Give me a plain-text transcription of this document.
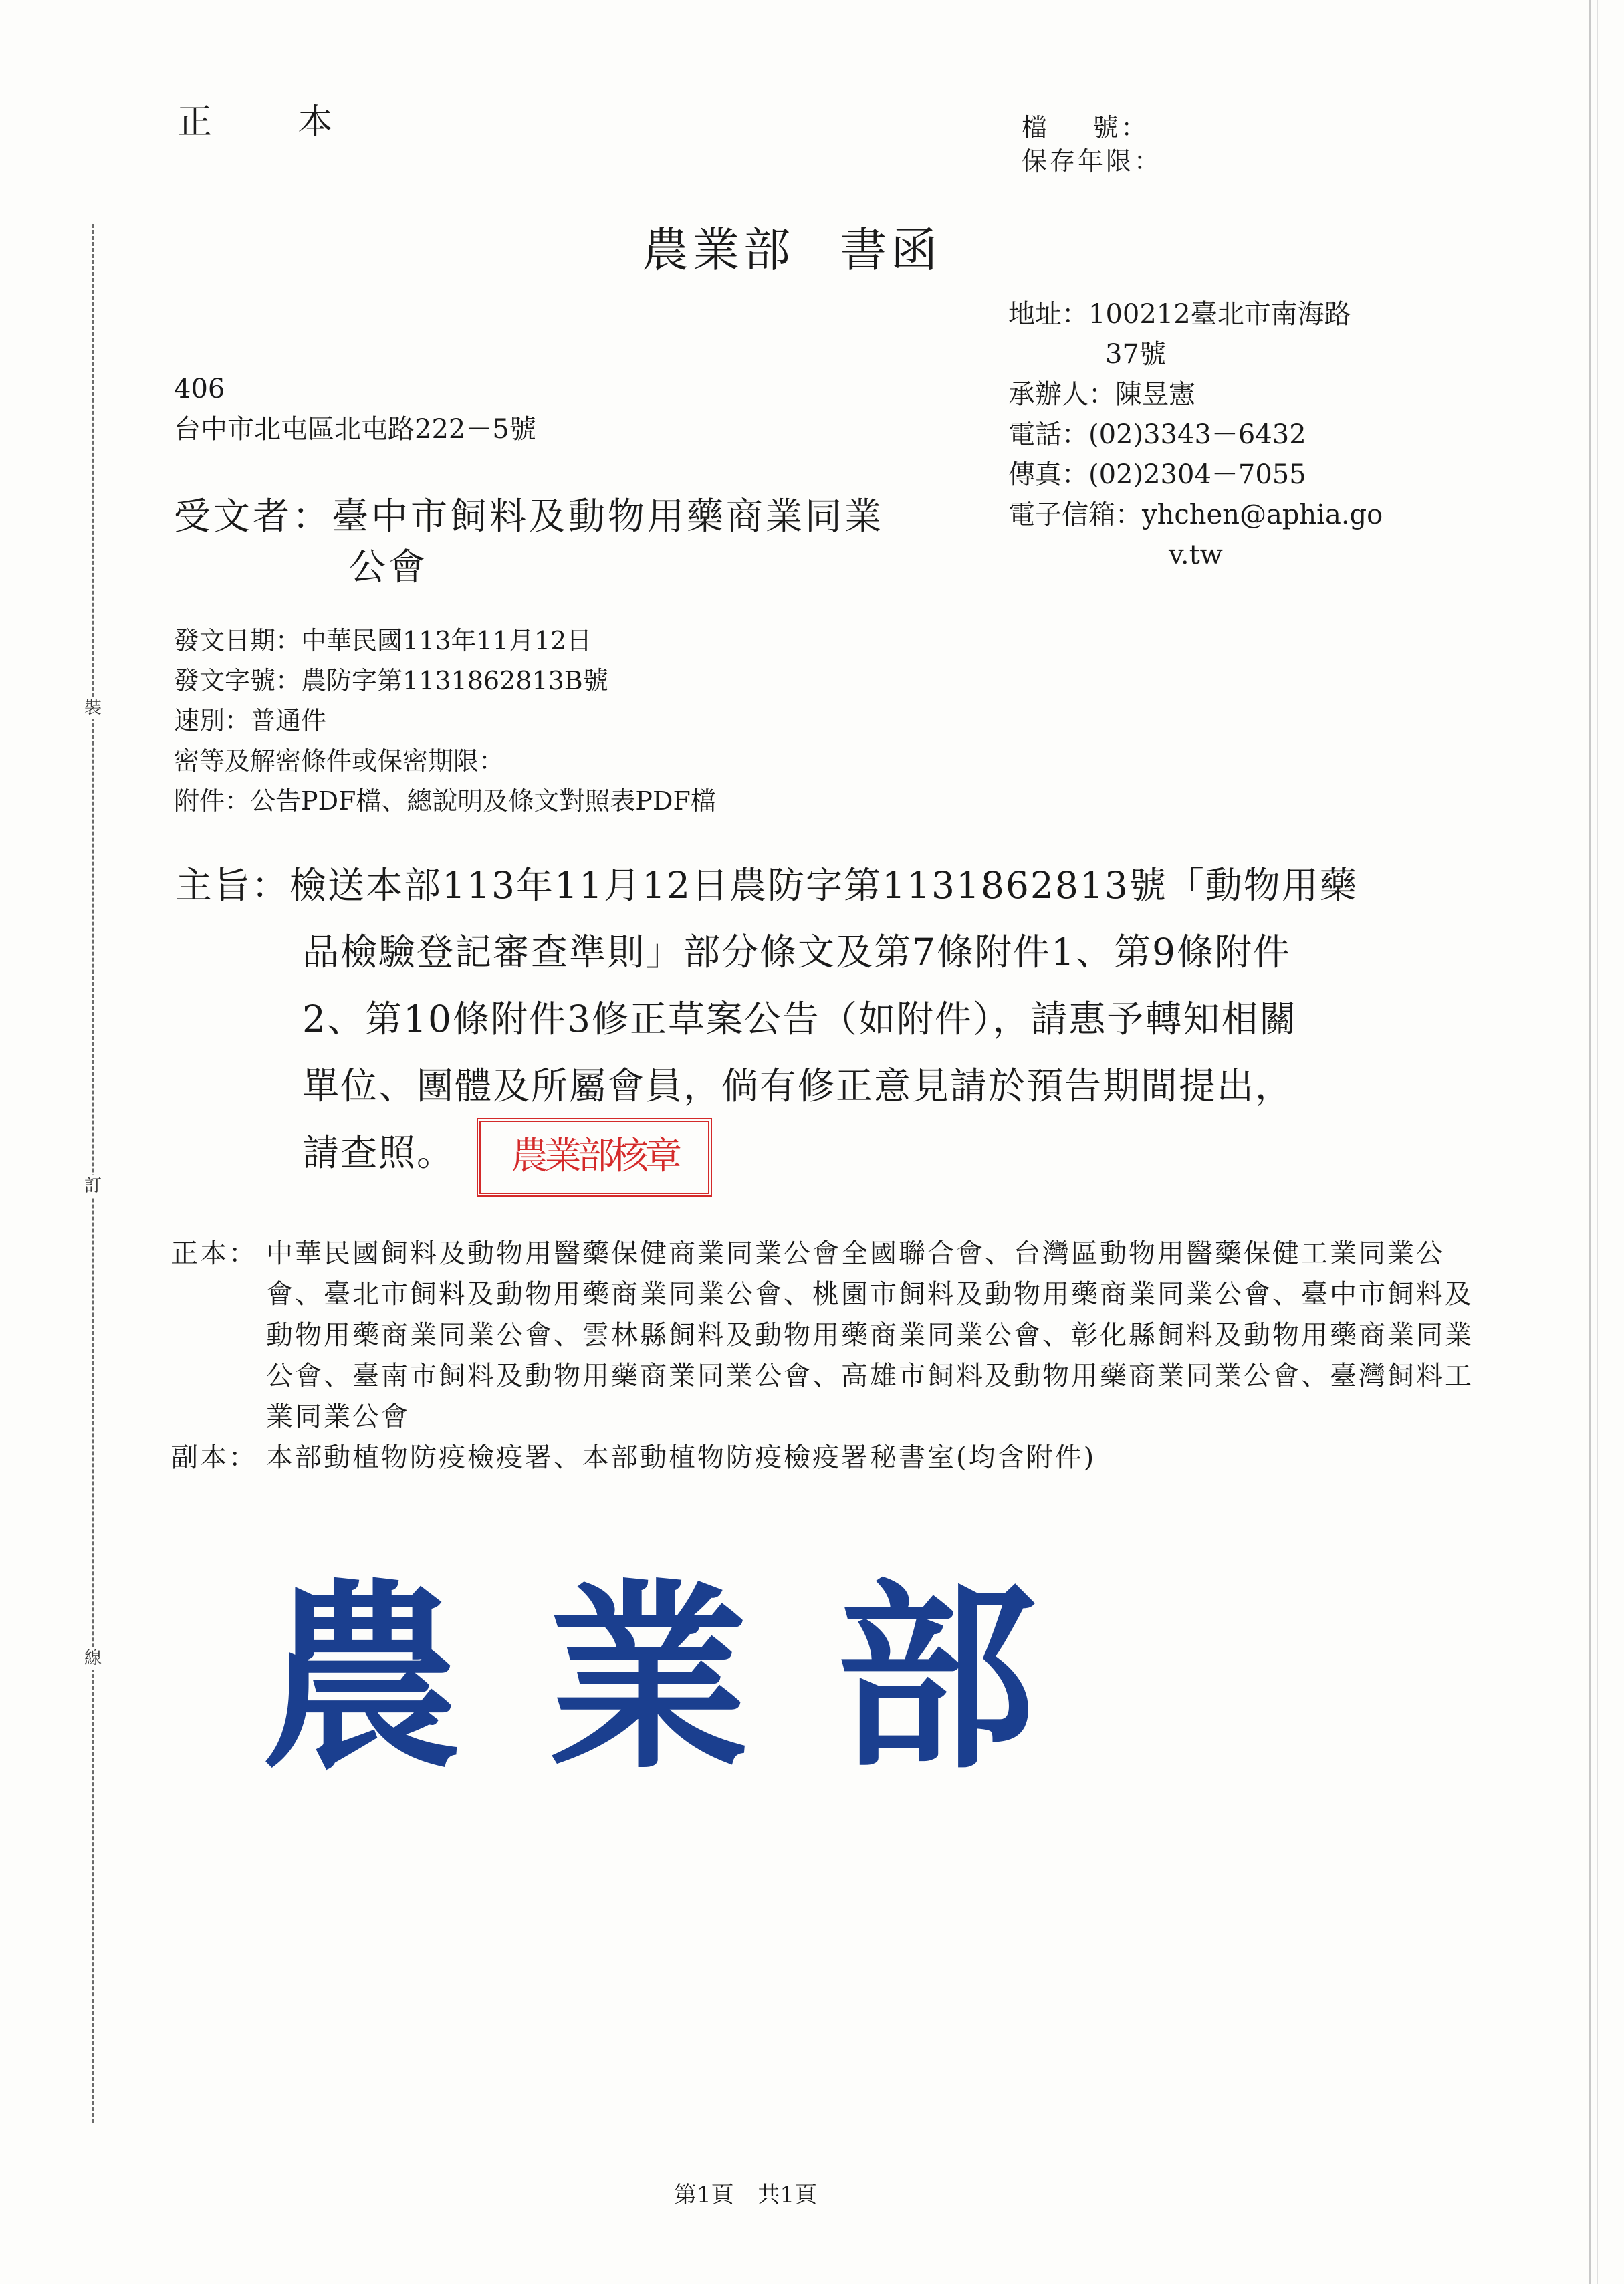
裝
訂
線
正 本	檔    號：
保存年限：
農業部 書函
地址：100212臺北市南海路
37號
承辦人：陳昱憲
電話：(02)3343－6432
傳真：(02)2304－7055
電子信箱：yhchen@aphia.go
v.tw
406
台中市北屯區北屯路222－5號
受文者：臺中市飼料及動物用藥商業同業
公會
發文日期：中華民國113年11月12日
發文字號：農防字第1131862813B號
速別：普通件
密等及解密條件或保密期限：
附件：公告PDF檔、總說明及條文對照表PDF檔
主旨：檢送本部113年11月12日農防字第1131862813號「動物用藥
品檢驗登記審查準則」部分條文及第7條附件1、第9條附件
2、第10條附件3修正草案公告（如附件），請惠予轉知相關
單位、團體及所屬會員，倘有修正意見請於預告期間提出，
請查照。	農業部核章
正本： 中華民國飼料及動物用醫藥保健商業同業公會全國聯合會、台灣區動物用醫藥保健工業同業公會、臺北市飼料及動物用藥商業同業公會、桃園市飼料及動物用藥商業同業公會、臺中市飼料及動物用藥商業同業公會、雲林縣飼料及動物用藥商業同業公會、彰化縣飼料及動物用藥商業同業公會、臺南市飼料及動物用藥商業同業公會、高雄市飼料及動物用藥商業同業公會、臺灣飼料工業同業公會
副本： 本部動植物防疫檢疫署、本部動植物防疫檢疫署秘書室(均含附件)
農業部
第1頁 共1頁
